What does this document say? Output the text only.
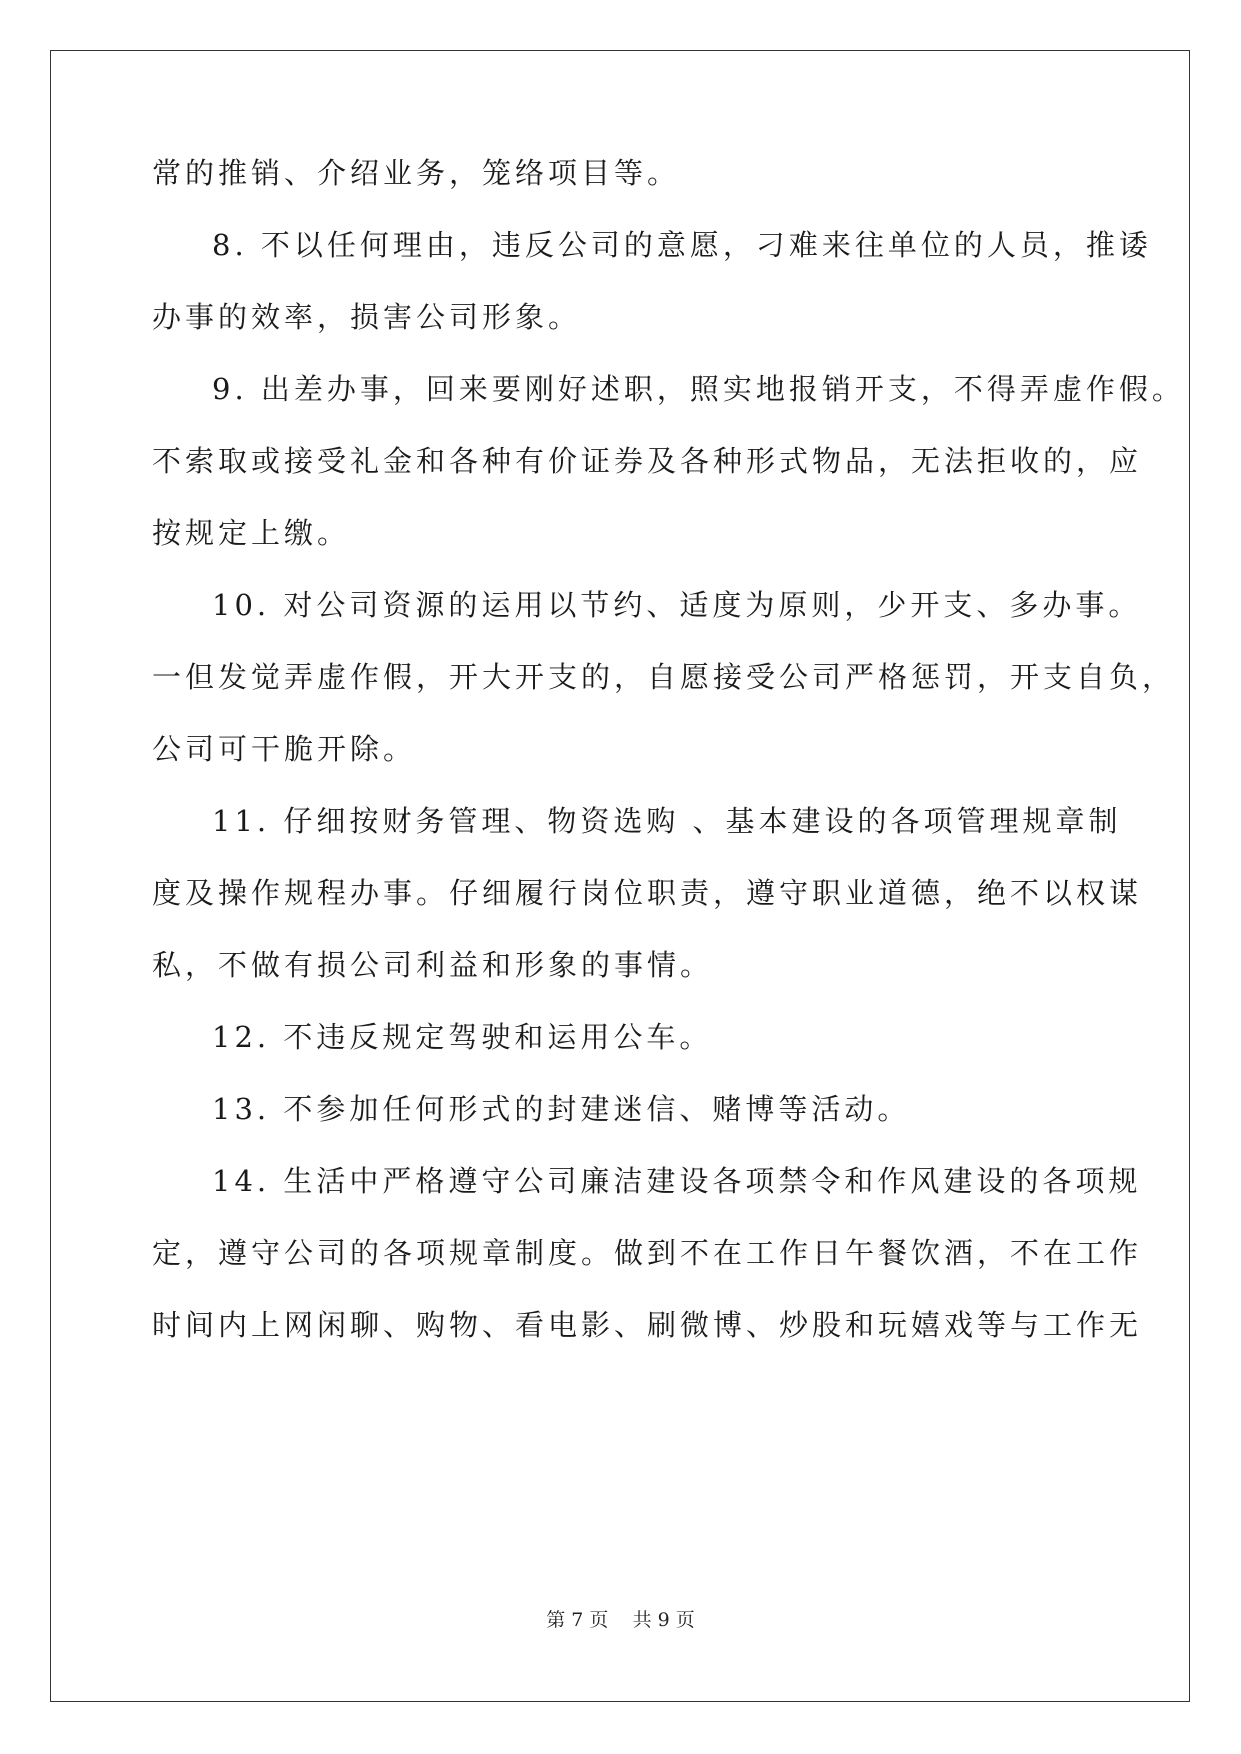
常的推销、介绍业务，笼络项目等。
8. 不以任何理由，违反公司的意愿，刁难来往单位的人员，推诿
办事的效率，损害公司形象。
9. 出差办事，回来要刚好述职，照实地报销开支，不得弄虚作假。
不索取或接受礼金和各种有价证券及各种形式物品，无法拒收的，应
按规定上缴。
10. 对公司资源的运用以节约、适度为原则，少开支、多办事。
一但发觉弄虚作假，开大开支的，自愿接受公司严格惩罚，开支自负，
公司可干脆开除。
11. 仔细按财务管理、物资选购 、基本建设的各项管理规章制
度及操作规程办事。仔细履行岗位职责，遵守职业道德，绝不以权谋
私，不做有损公司利益和形象的事情。
12. 不违反规定驾驶和运用公车。
13. 不参加任何形式的封建迷信、赌博等活动。
14. 生活中严格遵守公司廉洁建设各项禁令和作风建设的各项规
定，遵守公司的各项规章制度。做到不在工作日午餐饮酒，不在工作
时间内上网闲聊、购物、看电影、刷微博、炒股和玩嬉戏等与工作无
第 7 页    共 9 页
